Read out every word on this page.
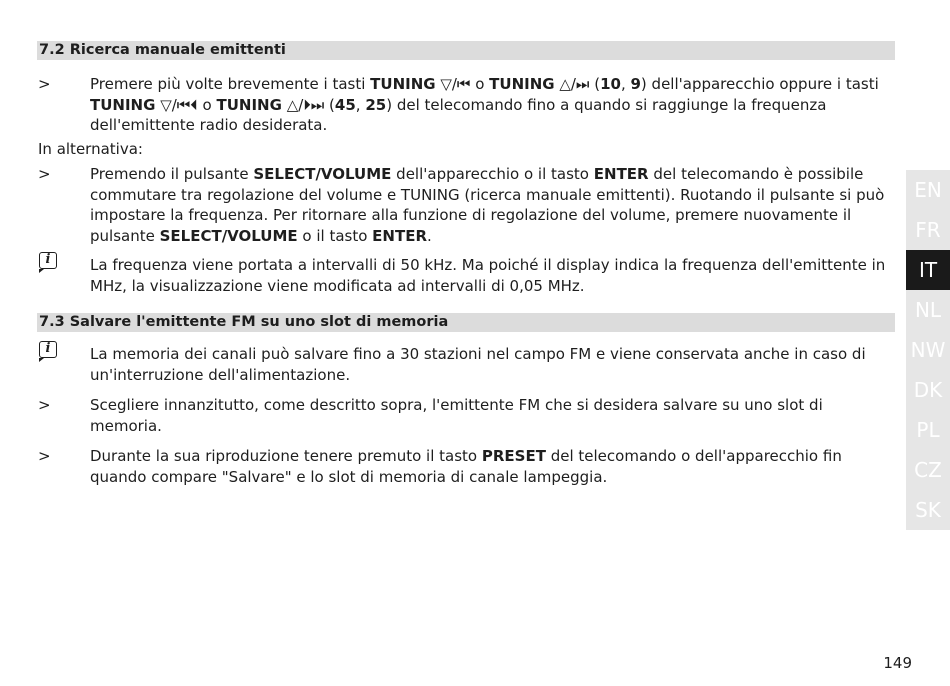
7.2 Ricerca manuale emittenti
>	Premere più volte brevemente i tasti TUNING ▽/⏮ o TUNING △/⏭ (10, 9) dell'apparecchio oppure i tasti TUNING ▽/⏮⏴ o TUNING △/⏵⏭ (45, 25) del telecomando fino a quando si raggiunge la frequenza dell'emittente radio desiderata.

In alternativa:
>	Premendo il pulsante SELECT/VOLUME dell'apparecchio o il tasto ENTER del telecomando è possibile commutare tra regolazione del volume e TUNING (ricerca manuale emittenti). Ruotando il pulsante si può impostare la frequenza. Per ritornare alla funzione di regolazione del volume, premere nuovamente il pulsante SELECT/VOLUME o il tasto ENTER.

i	La frequenza viene portata a intervalli di 50 kHz. Ma poiché il display indica la frequenza dell'emittente in MHz, la visualizzazione viene modificata ad intervalli di 0,05 MHz.

7.3 Salvare l'emittente FM su uno slot di memoria
i	La memoria dei canali può salvare fino a 30 stazioni nel campo FM e viene conservata anche in caso di un'interruzione dell'alimentazione.

>	Scegliere innanzitutto, come descritto sopra, l'emittente FM che si desidera salvare su uno slot di memoria.

>	Durante la sua riproduzione tenere premuto il tasto PRESET del telecomando o dell'apparecchio fin quando compare "Salvare" e lo slot di memoria di canale lampeggia.

EN
FR
IT
NL
NW
DK
PL
CZ
SK
149
